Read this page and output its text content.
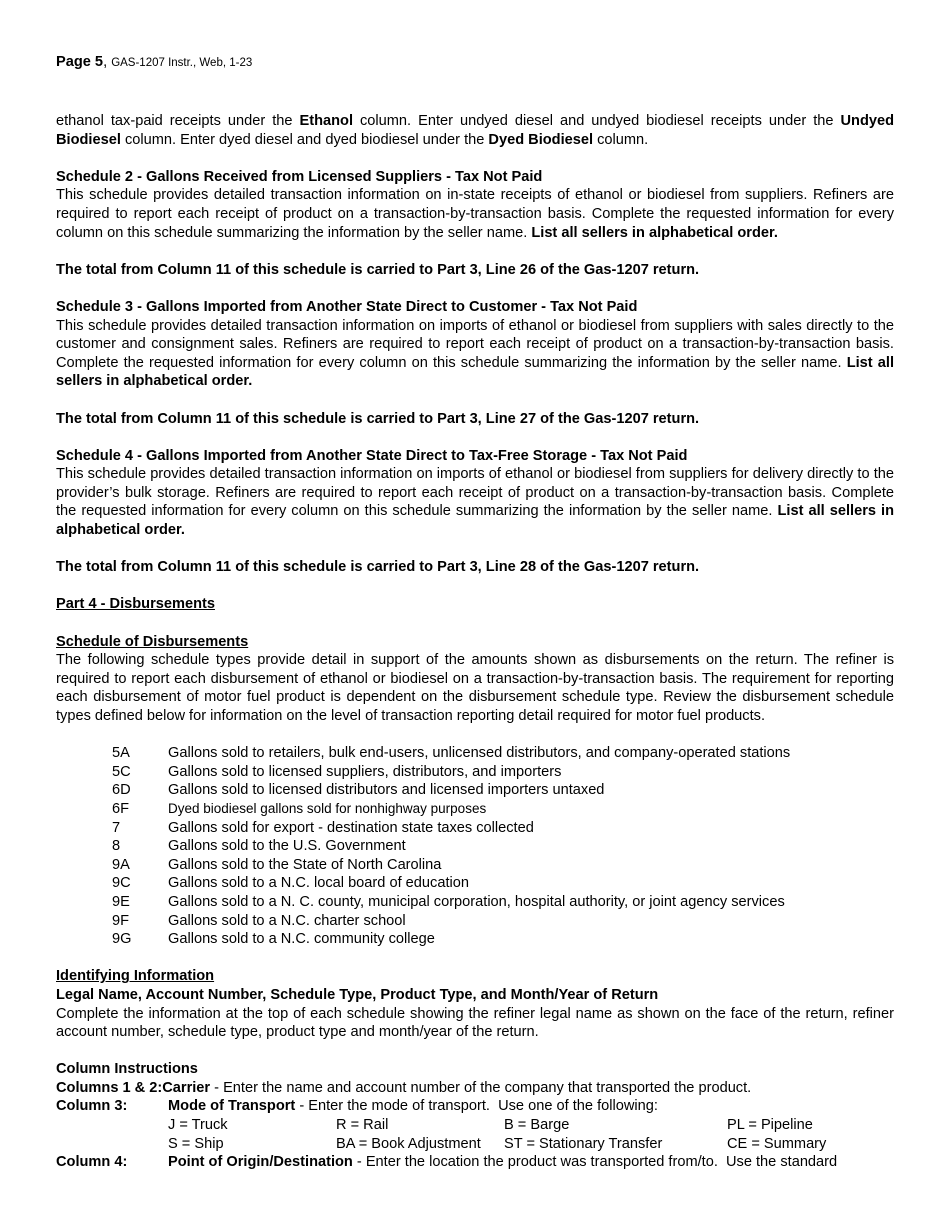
Page 5, GAS-1207 Instr., Web, 1-23

ethanol tax-paid receipts under the Ethanol column. Enter undyed diesel and undyed biodiesel receipts under the Undyed Biodiesel column. Enter dyed diesel and dyed biodiesel under the Dyed Biodiesel column.

Schedule 2 - Gallons Received from Licensed Suppliers - Tax Not Paid

This schedule provides detailed transaction information on in-state receipts of ethanol or biodiesel from suppliers. Refiners are required to report each receipt of product on a transaction-by-transaction basis. Complete the requested information for every column on this schedule summarizing the information by the seller name. List all sellers in alphabetical order.

The total from Column 11 of this schedule is carried to Part 3, Line 26 of the Gas-1207 return.

Schedule 3 - Gallons Imported from Another State Direct to Customer - Tax Not Paid

This schedule provides detailed transaction information on imports of ethanol or biodiesel from suppliers with sales directly to the customer and consignment sales. Refiners are required to report each receipt of product on a transaction-by-transaction basis. Complete the requested information for every column on this schedule summarizing the information by the seller name. List all sellers in alphabetical order.

The total from Column 11 of this schedule is carried to Part 3, Line 27 of the Gas-1207 return.

Schedule 4 - Gallons Imported from Another State Direct to Tax-Free Storage - Tax Not Paid

This schedule provides detailed transaction information on imports of ethanol or biodiesel from suppliers for delivery directly to the provider’s bulk storage. Refiners are required to report each receipt of product on a transaction-by-transaction basis. Complete the requested information for every column on this schedule summarizing the information by the seller name. List all sellers in alphabetical order.

The total from Column 11 of this schedule is carried to Part 3, Line 28 of the Gas-1207 return.

Part 4 - Disbursements

Schedule of Disbursements

The following schedule types provide detail in support of the amounts shown as disbursements on the return. The refiner is required to report each disbursement of ethanol or biodiesel on a transaction-by-transaction basis. The requirement for reporting each disbursement of motor fuel product is dependent on the disbursement schedule type. Review the disbursement schedule types defined below for information on the level of transaction reporting detail required for motor fuel products.

5A	Gallons sold to retailers, bulk end-users, unlicensed distributors, and company-operated stations
5C	Gallons sold to licensed suppliers, distributors, and importers
6D	Gallons sold to licensed distributors and licensed importers untaxed
6F	Dyed biodiesel gallons sold for nonhighway purposes
7	Gallons sold for export - destination state taxes collected
8	Gallons sold to the U.S. Government
9A	Gallons sold to the State of North Carolina
9C	Gallons sold to a N.C. local board of education
9E	Gallons sold to a N. C. county, municipal corporation, hospital authority, or joint agency services
9F	Gallons sold to a N.C. charter school
9G	Gallons sold to a N.C. community college

Identifying Information

Legal Name, Account Number, Schedule Type, Product Type, and Month/Year of Return

Complete the information at the top of each schedule showing the refiner legal name as shown on the face of the return, refiner account number, schedule type, product type and month/year of the return.

Column Instructions

Columns 1 & 2: Carrier - Enter the name and account number of the company that transported the product.
Column 3:	Mode of Transport - Enter the mode of transport.  Use one of the following:
J = Truck	R = Rail	B = Barge	PL = Pipeline
S = Ship	BA = Book Adjustment	ST = Stationary Transfer	CE = Summary
Column 4:	Point of Origin/Destination - Enter the location the product was transported from/to.  Use the standard
